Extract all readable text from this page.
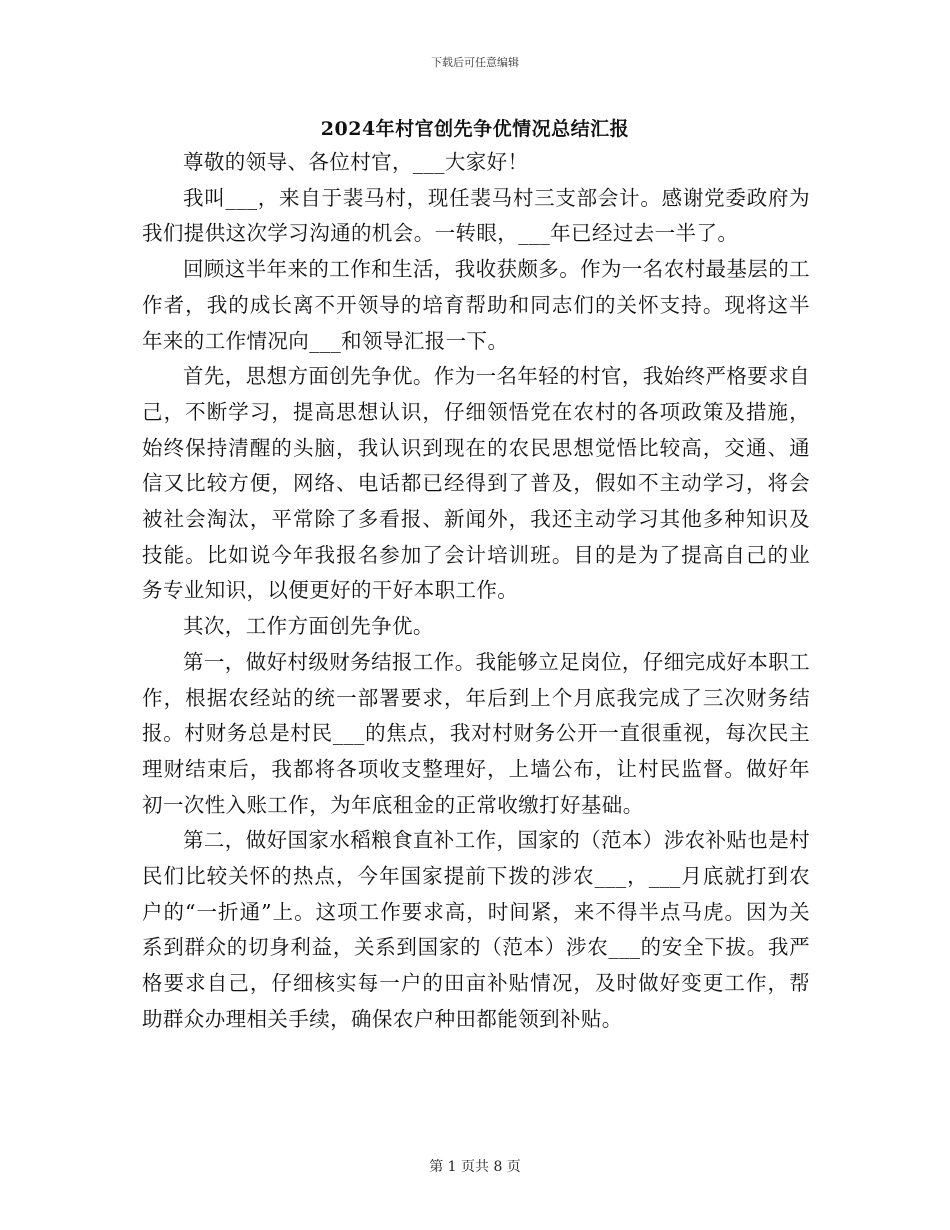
下载后可任意编辑
2024年村官创先争优情况总结汇报

尊敬的领导、各位村官，___大家好！

我叫___，来自于裴马村，现任裴马村三支部会计。感谢党委政府为我们提供这次学习沟通的机会。一转眼，___年已经过去一半了。

回顾这半年来的工作和生活，我收获颇多。作为一名农村最基层的工作者，我的成长离不开领导的培育帮助和同志们的关怀支持。现将这半年来的工作情况向___和领导汇报一下。

首先，思想方面创先争优。作为一名年轻的村官，我始终严格要求自己，不断学习，提高思想认识，仔细领悟党在农村的各项政策及措施，始终保持清醒的头脑，我认识到现在的农民思想觉悟比较高，交通、通信又比较方便，网络、电话都已经得到了普及，假如不主动学习，将会被社会淘汰，平常除了多看报、新闻外，我还主动学习其他多种知识及技能。比如说今年我报名参加了会计培训班。目的是为了提高自己的业务专业知识，以便更好的干好本职工作。

其次，工作方面创先争优。

第一，做好村级财务结报工作。我能够立足岗位，仔细完成好本职工作，根据农经站的统一部署要求，年后到上个月底我完成了三次财务结报。村财务总是村民___的焦点，我对村财务公开一直很重视，每次民主理财结束后，我都将各项收支整理好，上墙公布，让村民监督。做好年初一次性入账工作，为年底租金的正常收缴打好基础。

第二，做好国家水稻粮食直补工作，国家的（范本）涉农补贴也是村民们比较关怀的热点，今年国家提前下拨的涉农___，___月底就打到农户的“一折通”上。这项工作要求高，时间紧，来不得半点马虎。因为关系到群众的切身利益，关系到国家的（范本）涉农___的安全下拔。我严格要求自己，仔细核实每一户的田亩补贴情况，及时做好变更工作，帮助群众办理相关手续，确保农户种田都能领到补贴。

第 1 页共 8 页
